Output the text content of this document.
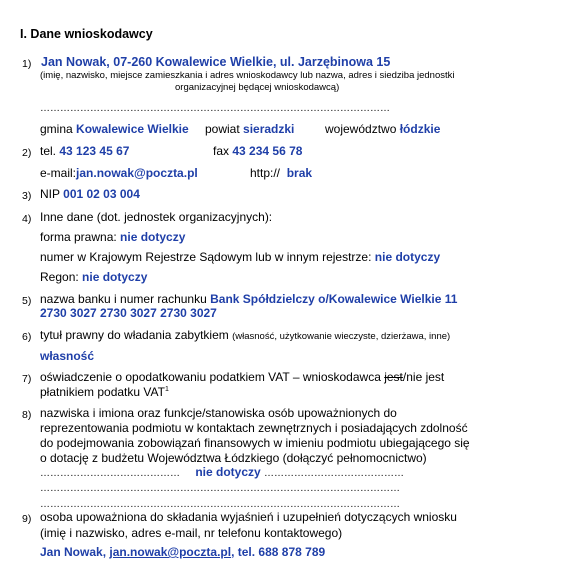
I. Dane wnioskodawcy
1) Jan Nowak, 07-260 Kowalewice Wielkie, ul. Jarzębinowa 15
(imię, nazwisko, miejsce zamieszkania i adres wnioskodawcy lub nazwa, adres i siedziba jednostki
organizacyjnej będącej wnioskodawcą)
……………………………………………………………………………………………
gmina Kowalewice Wielkie powiat sieradzki	województwo łódzkie
2) tel. 43 123 45 67	fax 43 234 56 78
e-mail:jan.nowak@poczta.pl	http:// brak
3) NIP 001 02 03 004
4) Inne dane (dot. jednostek organizacyjnych):
forma prawna: nie dotyczy
numer w Krajowym Rejestrze Sądowym lub w innym rejestrze: nie dotyczy
Regon: nie dotyczy
5) nazwa banku i numer rachunku Bank Spółdzielczy o/Kowalewice Wielkie 11
2730 3027 2730 3027 2730 3027
6) tytuł prawny do władania zabytkiem (własność, użytkowanie wieczyste, dzierżawa, inne)
własność
7) oświadczenie o opodatkowaniu podatkiem VAT – wnioskodawca jest/nie jest
płatnikiem podatku VAT$^1$
8) nazwiska i imiona oraz funkcje/stanowiska osób upoważnionych do
reprezentowania podmiotu w kontaktach zewnętrznych i posiadających zdolność
do podejmowania zobowiązań finansowych w imieniu podmiotu ubiegającego się
o dotację z budżetu Województwa Łódzkiego (dołączyć pełnomocnictwo)
…………………………………… nie dotyczy ……………………………………
………………………………………………………………………………………………
………………………………………………………………………………………………
9) osoba upoważniona do składania wyjaśnień i uzupełnień dotyczących wniosku
(imię i nazwisko, adres e-mail, nr telefonu kontaktowego)
Jan Nowak, jan.nowak@poczta.pl, tel. 688 878 789
